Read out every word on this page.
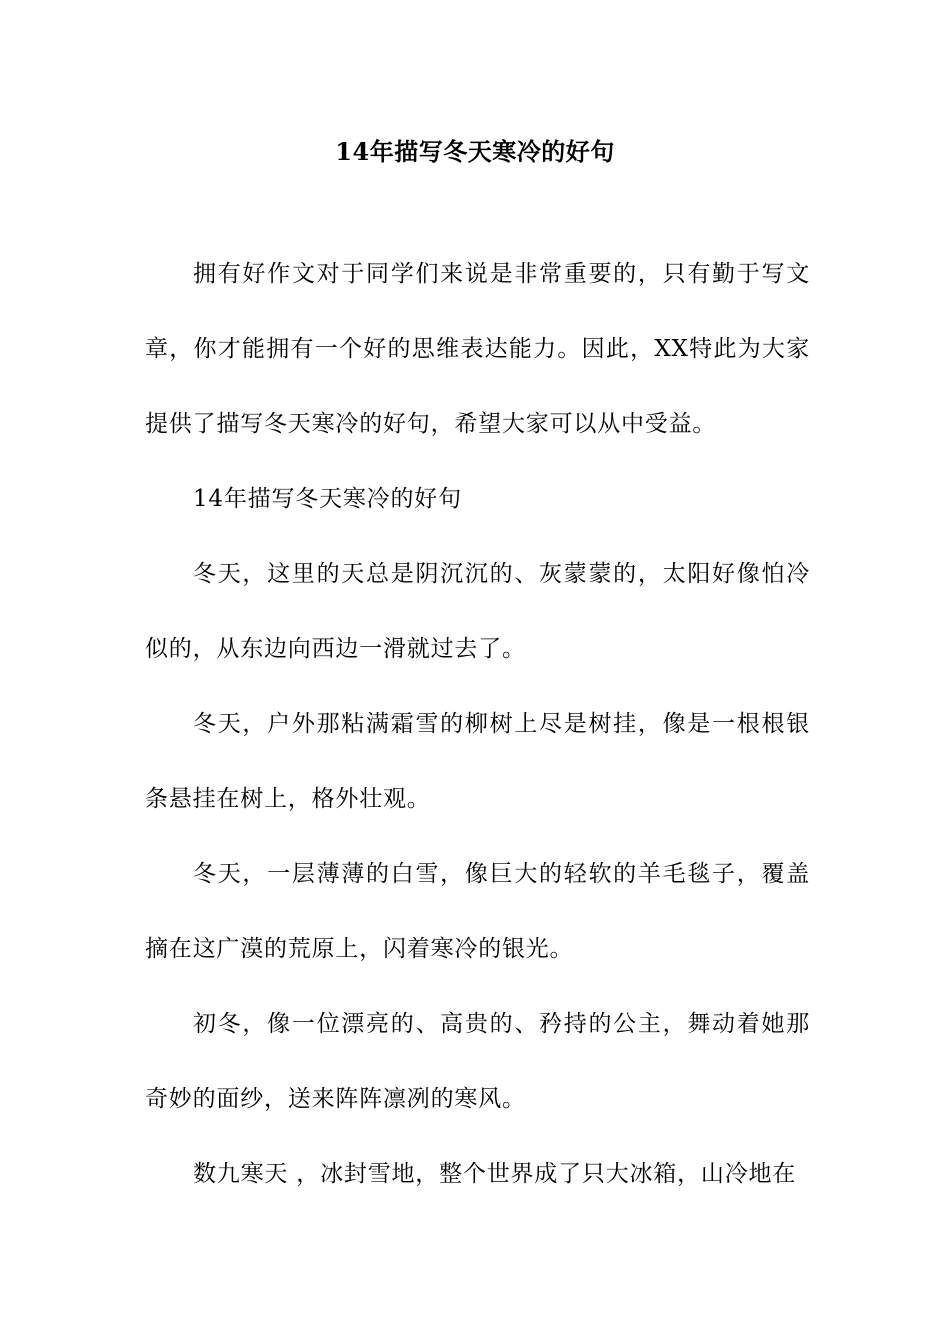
14年描写冬天寒冷的好句

拥有好作文对于同学们来说是非常重要的，只有勤于写文章，你才能拥有一个好的思维表达能力。因此，XX特此为大家提供了描写冬天寒冷的好句，希望大家可以从中受益。

14年描写冬天寒冷的好句

冬天，这里的天总是阴沉沉的、灰蒙蒙的，太阳好像怕冷似的，从东边向西边一滑就过去了。

冬天，户外那粘满霜雪的柳树上尽是树挂，像是一根根银条悬挂在树上，格外壮观。

冬天，一层薄薄的白雪，像巨大的轻软的羊毛毯子，覆盖摘在这广漠的荒原上，闪着寒冷的银光。

初冬，像一位漂亮的、高贵的、矜持的公主，舞动着她那奇妙的面纱，送来阵阵凛冽的寒风。

数九寒天 ，冰封雪地，整个世界成了只大冰箱，山冷地在
